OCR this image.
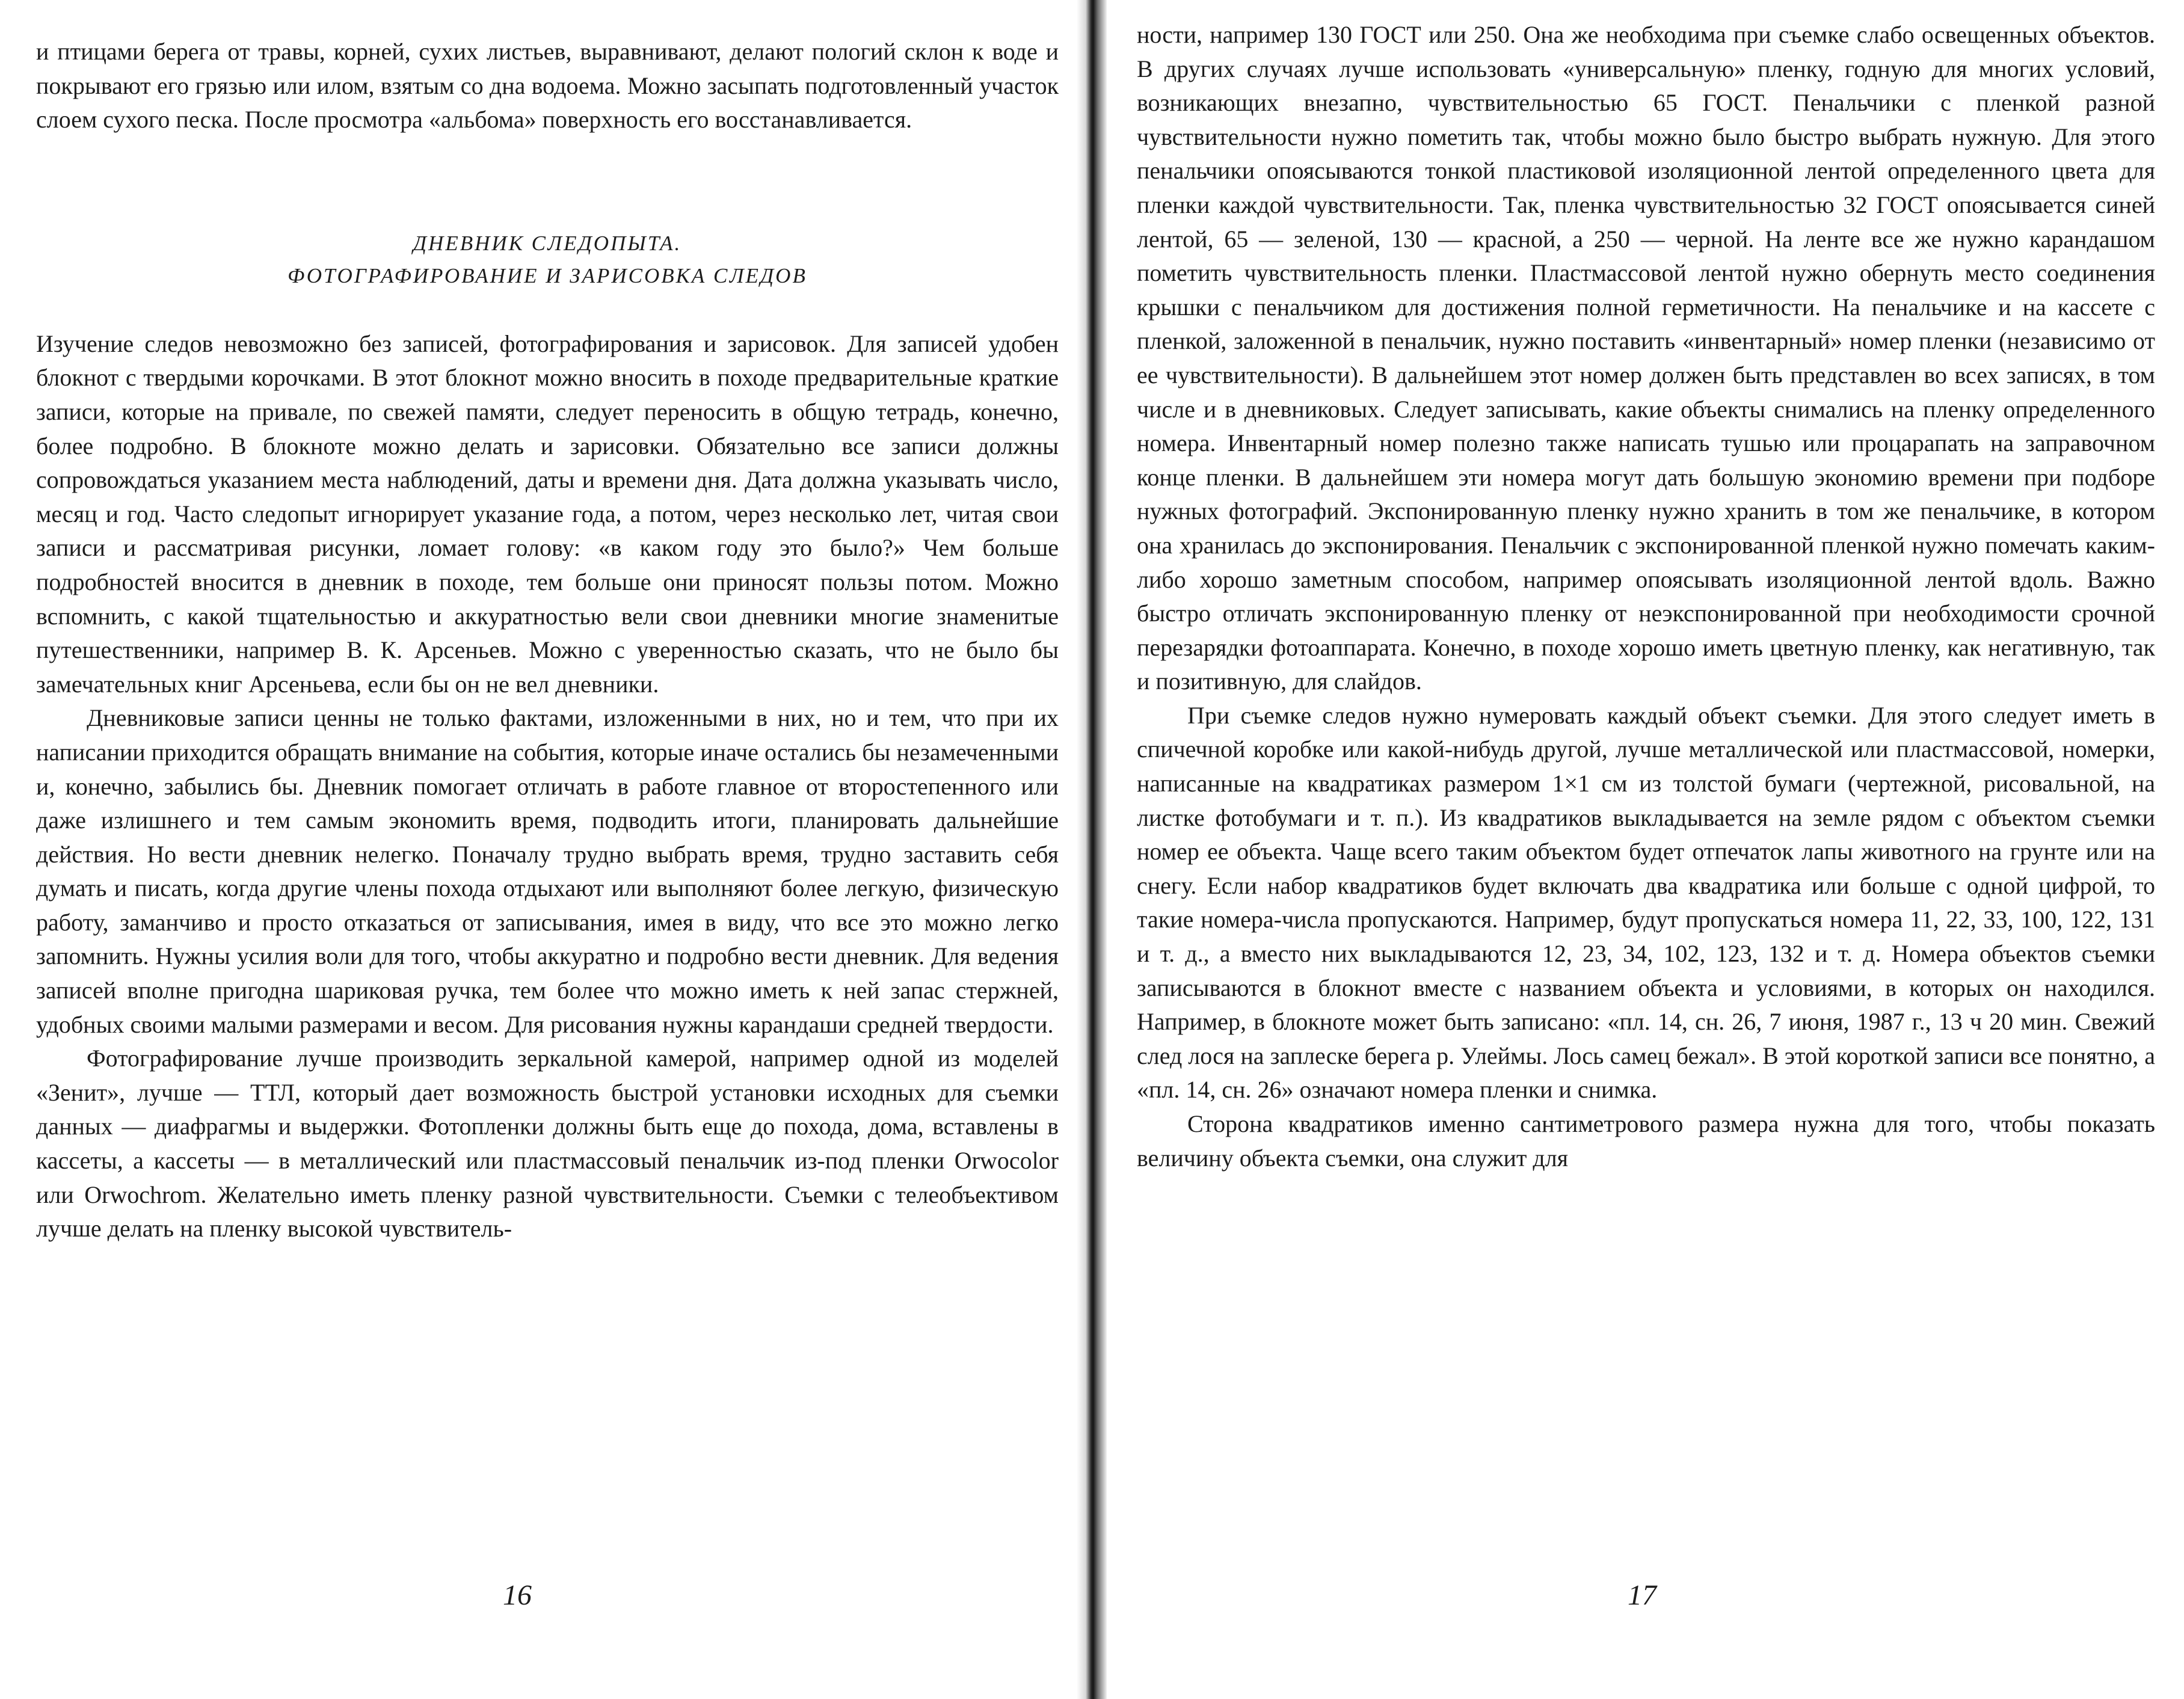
и птицами берега от травы, корней, сухих листьев, выравнивают, делают пологий склон к воде и покрывают его грязью или илом, взятым со дна водоема. Можно засыпать подготовленный участок слоем сухого песка. После просмотра «альбома» поверхность его восстанавливается.

ДНЕВНИК СЛЕДОПЫТА.
ФОТОГРАФИРОВАНИЕ И ЗАРИСОВКА СЛЕДОВ

Изучение следов невозможно без записей, фотографирования и зарисовок. Для записей удобен блокнот с твердыми корочками. В этот блокнот можно вносить в походе предварительные краткие записи, которые на привале, по свежей памяти, следует переносить в общую тетрадь, конечно, более подробно. В блокноте можно делать и зарисовки. Обязательно все записи должны сопровождаться указанием места наблюдений, даты и времени дня. Дата должна указывать число, месяц и год. Часто следопыт игнорирует указание года, а потом, через несколько лет, читая свои записи и рассматривая рисунки, ломает голову: «в каком году это было?» Чем больше подробностей вносится в дневник в походе, тем больше они приносят пользы потом. Можно вспомнить, с какой тщательностью и аккуратностью вели свои дневники многие знаменитые путешественники, например В. К. Арсеньев. Можно с уверенностью сказать, что не было бы замечательных книг Арсеньева, если бы он не вел дневники.

Дневниковые записи ценны не только фактами, изложенными в них, но и тем, что при их написании приходится обращать внимание на события, которые иначе остались бы незамеченными и, конечно, забылись бы. Дневник помогает отличать в работе главное от второстепенного или даже излишнего и тем самым экономить время, подводить итоги, планировать дальнейшие действия. Но вести дневник нелегко. Поначалу трудно выбрать время, трудно заставить себя думать и писать, когда другие члены похода отдыхают или выполняют более легкую, физическую работу, заманчиво и просто отказаться от записывания, имея в виду, что все это можно легко запомнить. Нужны усилия воли для того, чтобы аккуратно и подробно вести дневник. Для ведения записей вполне пригодна шариковая ручка, тем более что можно иметь к ней запас стержней, удобных своими малыми размерами и весом. Для рисования нужны карандаши средней твердости.

Фотографирование лучше производить зеркальной камерой, например одной из моделей «Зенит», лучше — ТТЛ, который дает возможность быстрой установки исходных для съемки данных — диафрагмы и выдержки. Фотопленки должны быть еще до похода, дома, вставлены в кассеты, а кассеты — в металлический или пластмассовый пенальчик из-под пленки Orwocolor или Orwochrom. Желательно иметь пленку разной чувствительности. Съемки с телеобъективом лучше делать на пленку высокой чувствитель-

16

ности, например 130 ГОСТ или 250. Она же необходима при съемке слабо освещенных объектов. В других случаях лучше использовать «универсальную» пленку, годную для многих условий, возникающих внезапно, чувствительностью 65 ГОСТ. Пенальчики с пленкой разной чувствительности нужно пометить так, чтобы можно было быстро выбрать нужную. Для этого пенальчики опоясываются тонкой пластиковой изоляционной лентой определенного цвета для пленки каждой чувствительности. Так, пленка чувствительностью 32 ГОСТ опоясывается синей лентой, 65 — зеленой, 130 — красной, а 250 — черной. На ленте все же нужно карандашом пометить чувствительность пленки. Пластмассовой лентой нужно обернуть место соединения крышки с пенальчиком для достижения полной герметичности. На пенальчике и на кассете с пленкой, заложенной в пенальчик, нужно поставить «инвентарный» номер пленки (независимо от ее чувствительности). В дальнейшем этот номер должен быть представлен во всех записях, в том числе и в дневниковых. Следует записывать, какие объекты снимались на пленку определенного номера. Инвентарный номер полезно также написать тушью или процарапать на заправочном конце пленки. В дальнейшем эти номера могут дать большую экономию времени при подборе нужных фотографий. Экспонированную пленку нужно хранить в том же пенальчике, в котором она хранилась до экспонирования. Пенальчик с экспонированной пленкой нужно помечать каким-либо хорошо заметным способом, например опоясывать изоляционной лентой вдоль. Важно быстро отличать экспонированную пленку от неэкспонированной при необходимости срочной перезарядки фотоаппарата. Конечно, в походе хорошо иметь цветную пленку, как негативную, так и позитивную, для слайдов.

При съемке следов нужно нумеровать каждый объект съемки. Для этого следует иметь в спичечной коробке или какой-нибудь другой, лучше металлической или пластмассовой, номерки, написанные на квадратиках размером 1×1 см из толстой бумаги (чертежной, рисовальной, на листке фотобумаги и т. п.). Из квадратиков выкладывается на земле рядом с объектом съемки номер ее объекта. Чаще всего таким объектом будет отпечаток лапы животного на грунте или на снегу. Если набор квадратиков будет включать два квадратика или больше с одной цифрой, то такие номера-числа пропускаются. Например, будут пропускаться номера 11, 22, 33, 100, 122, 131 и т. д., а вместо них выкладываются 12, 23, 34, 102, 123, 132 и т. д. Номера объектов съемки записываются в блокнот вместе с названием объекта и условиями, в которых он находился. Например, в блокноте может быть записано: «пл. 14, сн. 26, 7 июня, 1987 г., 13 ч 20 мин. Свежий след лося на заплеске берега р. Улеймы. Лось самец бежал». В этой короткой записи все понятно, а «пл. 14, сн. 26» означают номера пленки и снимка.

Сторона квадратиков именно сантиметрового размера нужна для того, чтобы показать величину объекта съемки, она служит для

17
